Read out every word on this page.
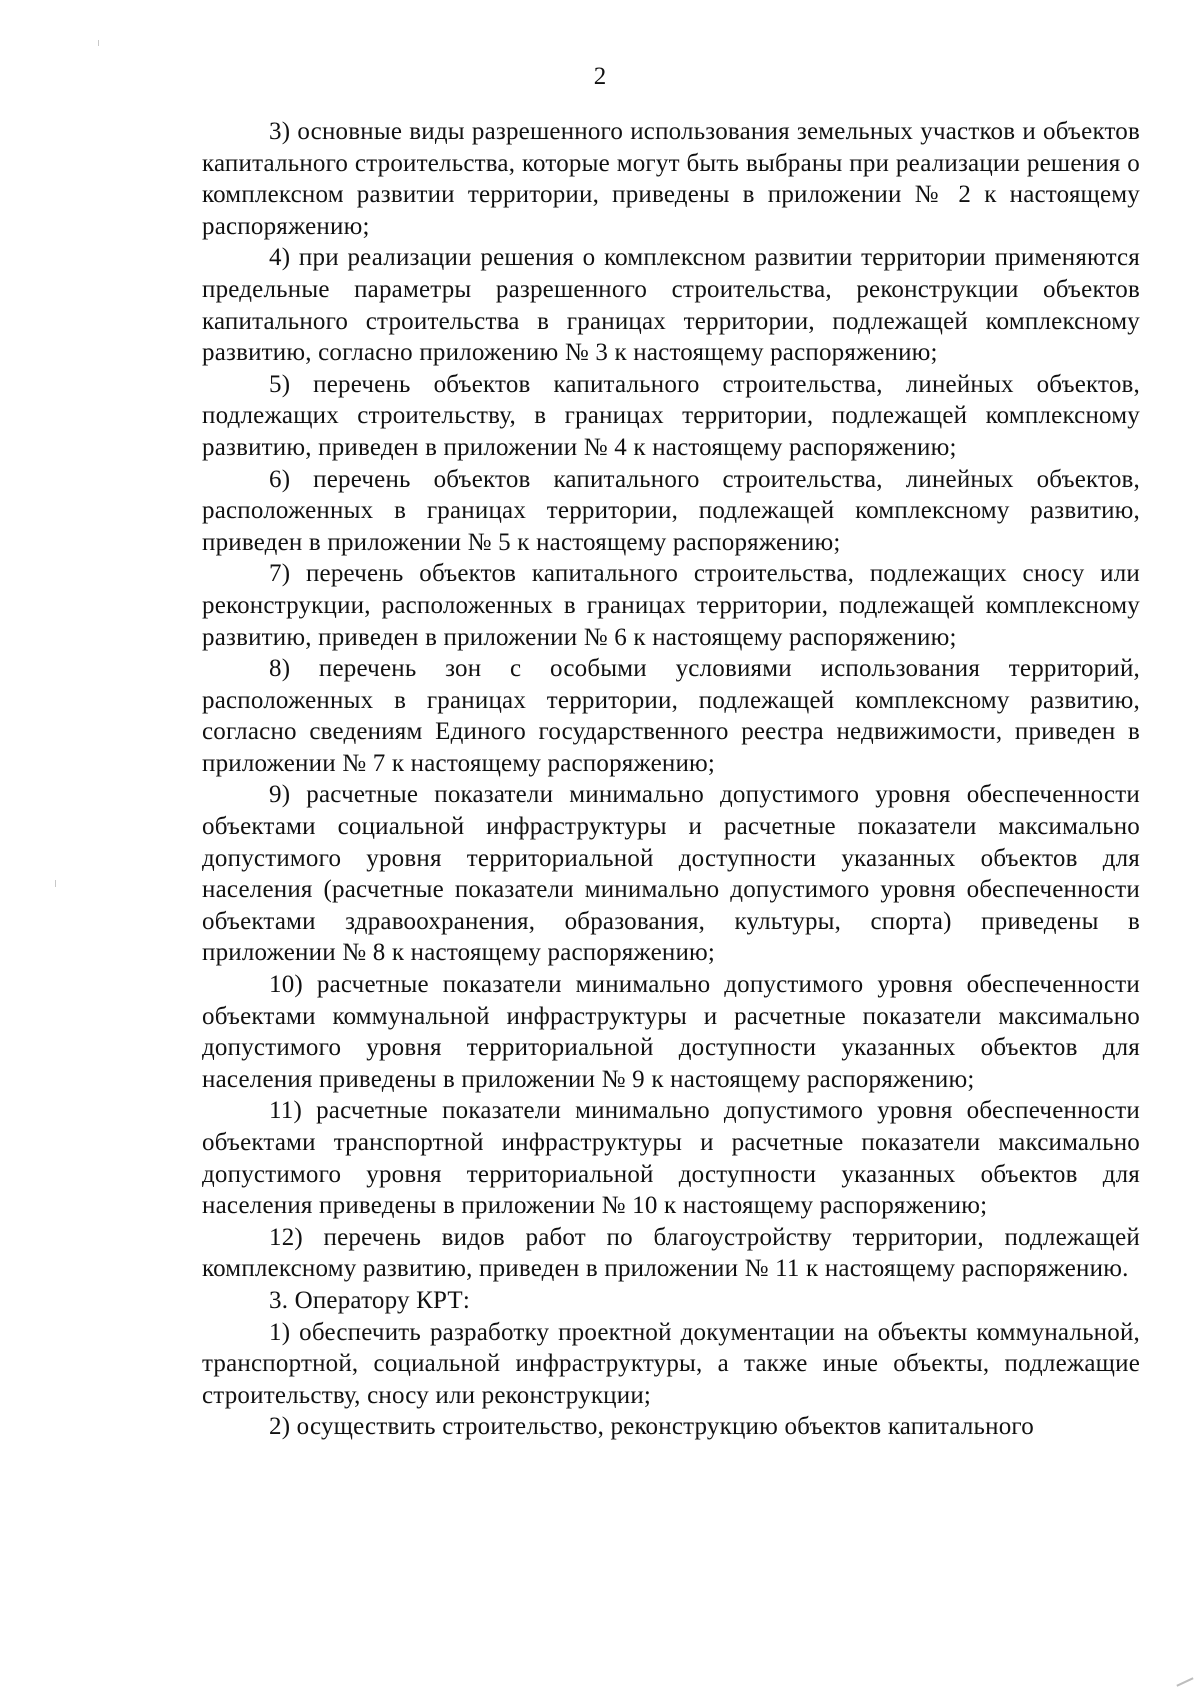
2

3) основные виды разрешенного использования земельных участков и объектов капитального строительства, которые могут быть выбраны при реализации решения о комплексном развитии территории, приведены в приложении № 2 к настоящему распоряжению;

4) при реализации решения о комплексном развитии территории применяются предельные параметры разрешенного строительства, реконструкции объектов капитального строительства в границах территории, подлежащей комплексному развитию, согласно приложению № 3 к настоящему распоряжению;

5) перечень объектов капитального строительства, линейных объектов, подлежащих строительству, в границах территории, подлежащей комплексному развитию, приведен в приложении № 4 к настоящему распоряжению;

6) перечень объектов капитального строительства, линейных объектов, расположенных в границах территории, подлежащей комплексному развитию, приведен в приложении № 5 к настоящему распоряжению;

7) перечень объектов капитального строительства, подлежащих сносу или реконструкции, расположенных в границах территории, подлежащей комплексному развитию, приведен в приложении № 6 к настоящему распоряжению;

8) перечень зон с особыми условиями использования территорий, расположенных в границах территории, подлежащей комплексному развитию, согласно сведениям Единого государственного реестра недвижимости, приведен в приложении № 7 к настоящему распоряжению;

9) расчетные показатели минимально допустимого уровня обеспеченности объектами социальной инфраструктуры и расчетные показатели максимально допустимого уровня территориальной доступности указанных объектов для населения (расчетные показатели минимально допустимого уровня обеспеченности объектами здравоохранения, образования, культуры, спорта) приведены в приложении № 8 к настоящему распоряжению;

10) расчетные показатели минимально допустимого уровня обеспеченности объектами коммунальной инфраструктуры и расчетные показатели максимально допустимого уровня территориальной доступности указанных объектов для населения приведены в приложении № 9 к настоящему распоряжению;

11) расчетные показатели минимально допустимого уровня обеспеченности объектами транспортной инфраструктуры и расчетные показатели максимально допустимого уровня территориальной доступности указанных объектов для населения приведены в приложении № 10 к настоящему распоряжению;

12) перечень видов работ по благоустройству территории, подлежащей комплексному развитию, приведен в приложении № 11 к настоящему распоряжению.

3. Оператору КРТ:

1) обеспечить разработку проектной документации на объекты коммунальной, транспортной, социальной инфраструктуры, а также иные объекты, подлежащие строительству, сносу или реконструкции;

2) осуществить строительство, реконструкцию объектов капитального
